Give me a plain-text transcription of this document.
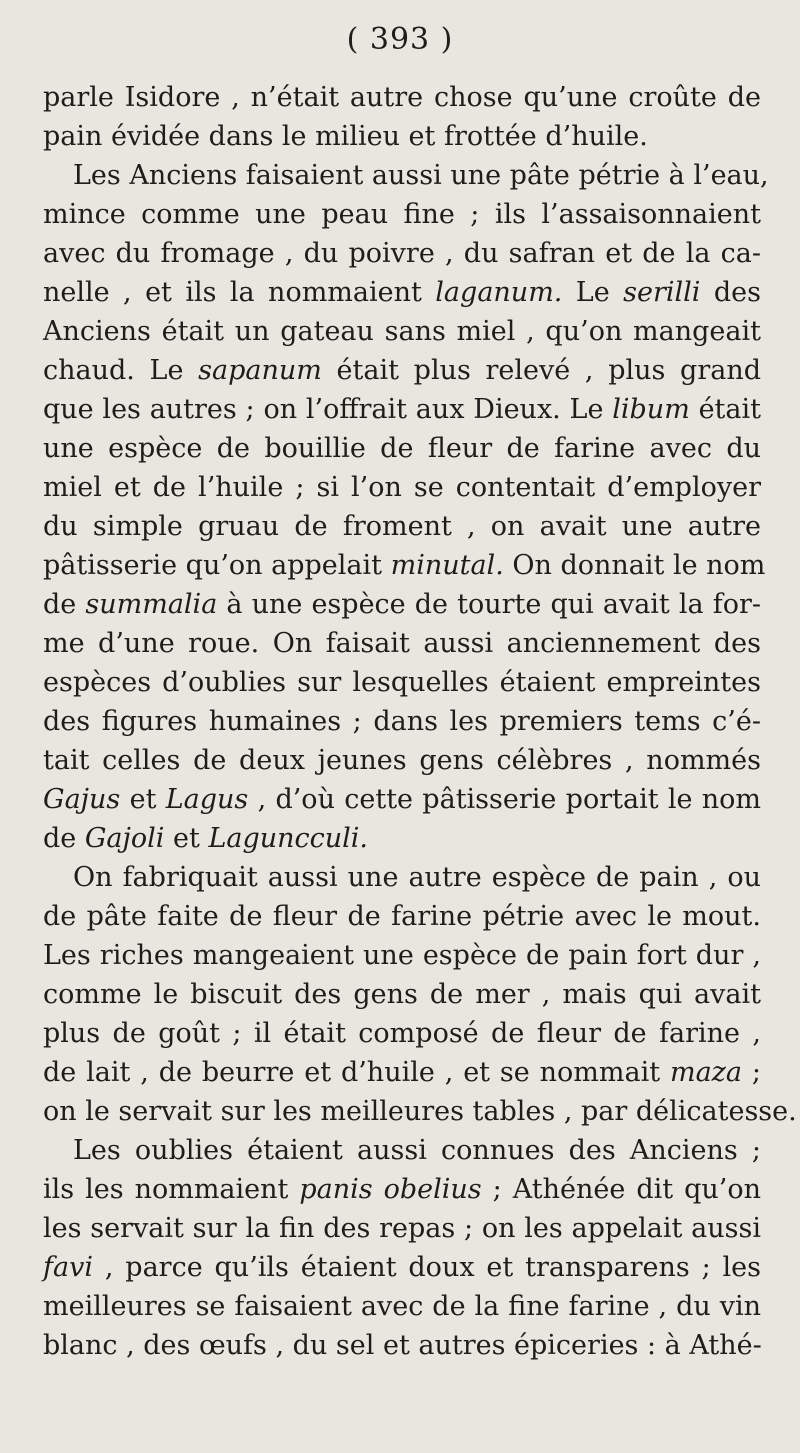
( 393 )
parle Isidore , n’était autre chose qu’une croûte de
pain évidée dans le milieu et frottée d’huile.
Les Anciens faisaient aussi une pâte pétrie à l’eau,
mince comme une peau fine ; ils l’assaisonnaient
avec du fromage , du poivre , du safran et de la ca-
nelle , et ils la nommaient laganum. Le serilli des
Anciens était un gateau sans miel , qu’on mangeait
chaud. Le sapanum était plus relevé , plus grand
que les autres ; on l’offrait aux Dieux. Le libum était
une espèce de bouillie de fleur de farine avec du
miel et de l’huile ; si l’on se contentait d’employer
du simple gruau de froment , on avait une autre
pâtisserie qu’on appelait minutal. On donnait le nom
de summalia à une espèce de tourte qui avait la for-
me d’une roue. On faisait aussi anciennement des
espèces d’oublies sur lesquelles étaient empreintes
des figures humaines ; dans les premiers tems c’é-
tait celles de deux jeunes gens célèbres , nommés
Gajus et Lagus , d’où cette pâtisserie portait le nom
de Gajoli et Laguncculi.
On fabriquait aussi une autre espèce de pain , ou
de pâte faite de fleur de farine pétrie avec le mout.
Les riches mangeaient une espèce de pain fort dur ,
comme le biscuit des gens de mer , mais qui avait
plus de goût ; il était composé de fleur de farine ,
de lait , de beurre et d’huile , et se nommait maza ;
on le servait sur les meilleures tables , par délicatesse.
Les oublies étaient aussi connues des Anciens ;
ils les nommaient panis obelius ; Athénée dit qu’on
les servait sur la fin des repas ; on les appelait aussi
favi , parce qu’ils étaient doux et transparens ; les
meilleures se faisaient avec de la fine farine , du vin
blanc , des œufs , du sel et autres épiceries : à Athé-
